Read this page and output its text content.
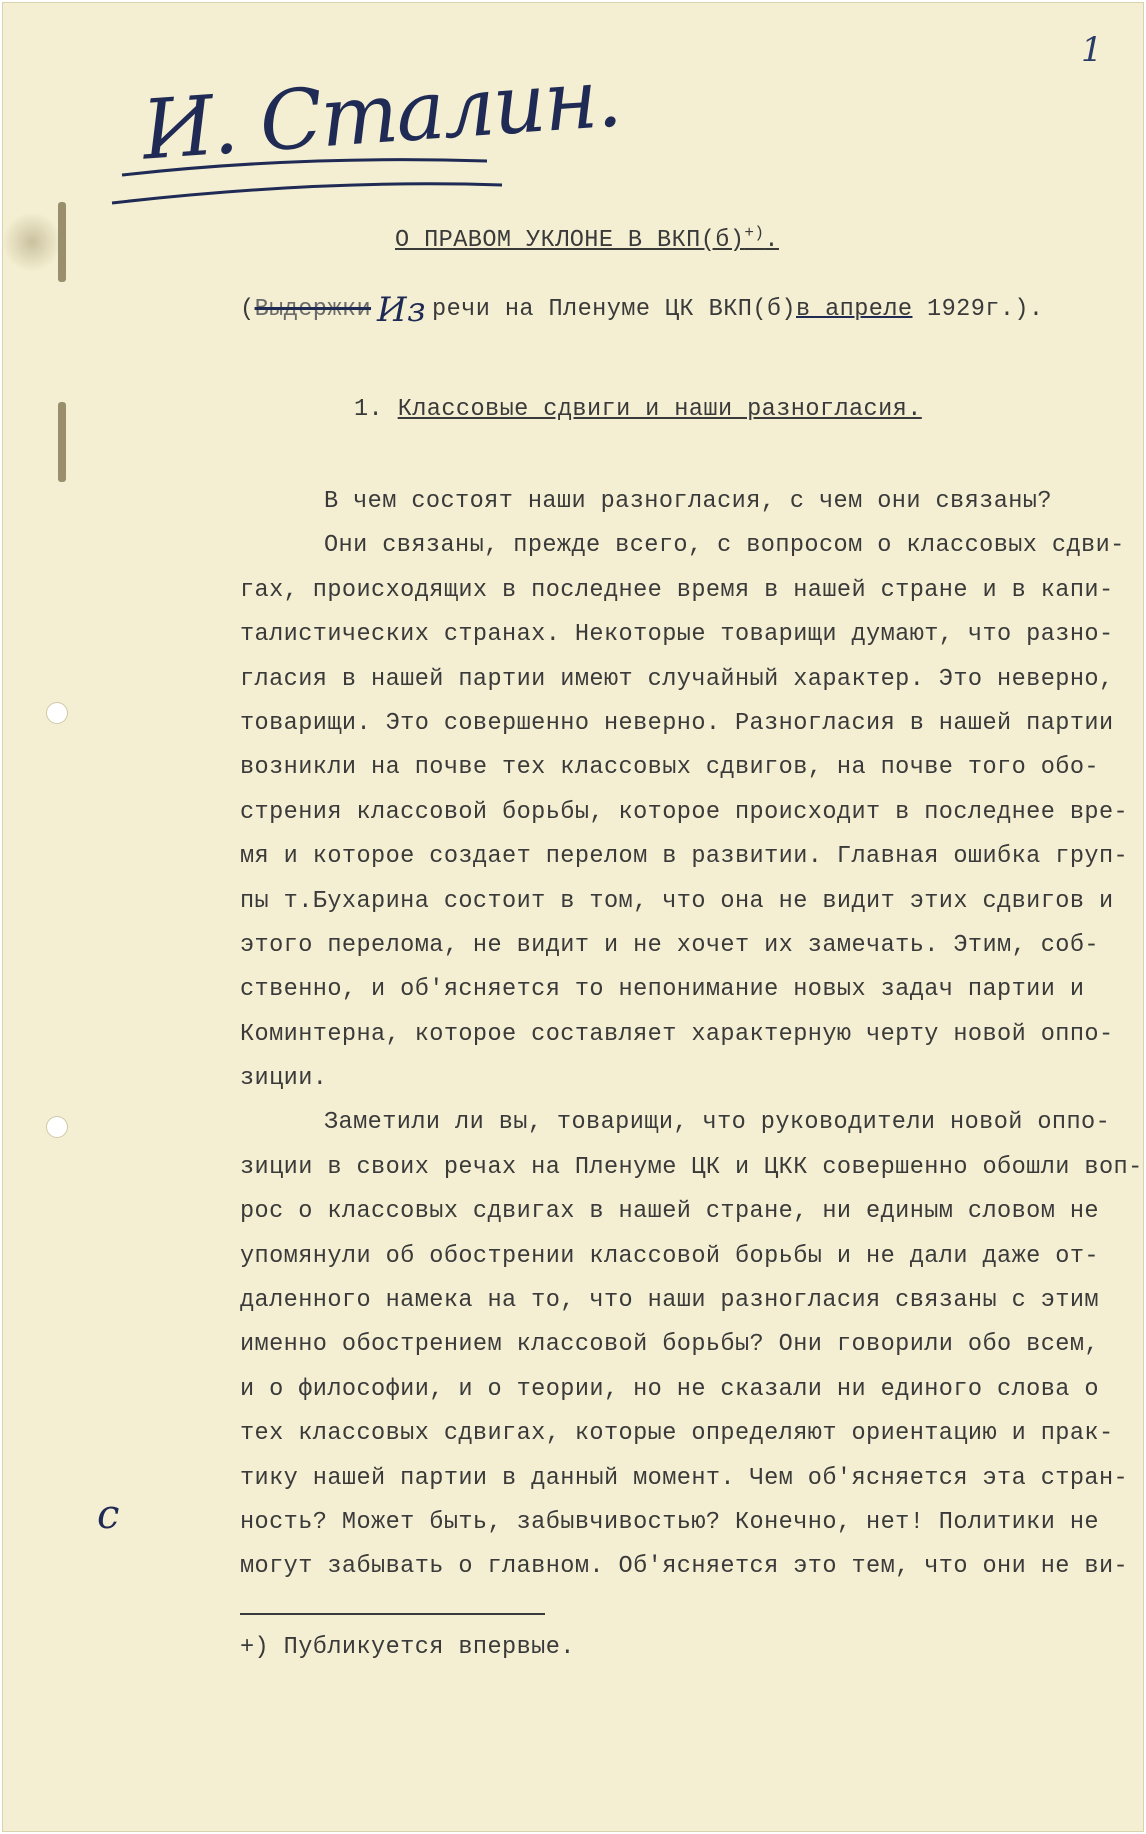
1
И. Сталин.
О ПРАВОМ УКЛОНЕ В ВКП(б)+).
(Выдержки Из речи на Пленуме ЦК ВКП(б)в апреле 1929г.).
1. Классовые сдвиги и наши разногласия.
В чем состоят наши разногласия, с чем они связаны?
Они связаны, прежде всего, с вопросом о классовых сдви-
гах, происходящих в последнее время в нашей стране и в капи-
талистических странах. Некоторые товарищи думают, что разно-
гласия в нашей партии имеют случайный характер. Это неверно,
товарищи. Это совершенно неверно. Разногласия в нашей партии
возникли на почве тех классовых сдвигов, на почве того обо-
стрения классовой борьбы, которое происходит в последнее вре-
мя и которое создает перелом в развитии. Главная ошибка груп-
пы т.Бухарина состоит в том, что она не видит этих сдвигов и
этого перелома, не видит и не хочет их замечать. Этим, соб-
ственно, и об'ясняется то непонимание новых задач партии и
Коминтерна, которое составляет характерную черту новой оппо-
зиции.
Заметили ли вы, товарищи, что руководители новой оппо-
зиции в своих речах на Пленуме ЦК и ЦКК совершенно обошли воп-
рос о классовых сдвигах в нашей стране, ни единым словом не
упомянули об обострении классовой борьбы и не дали даже от-
даленного намека на то, что наши разногласия связаны с этим
именно обострением классовой борьбы? Они говорили обо всем,
и о философии, и о теории, но не сказали ни единого слова о
тех классовых сдвигах, которые определяют ориентацию и прак-
тику нашей партии в данный момент. Чем об'ясняется эта стран-
ность? Может быть, забывчивостью? Конечно, нет! Политики не
могут забывать о главном. Об'ясняется это тем, что они не ви-
с
+) Публикуется впервые.
